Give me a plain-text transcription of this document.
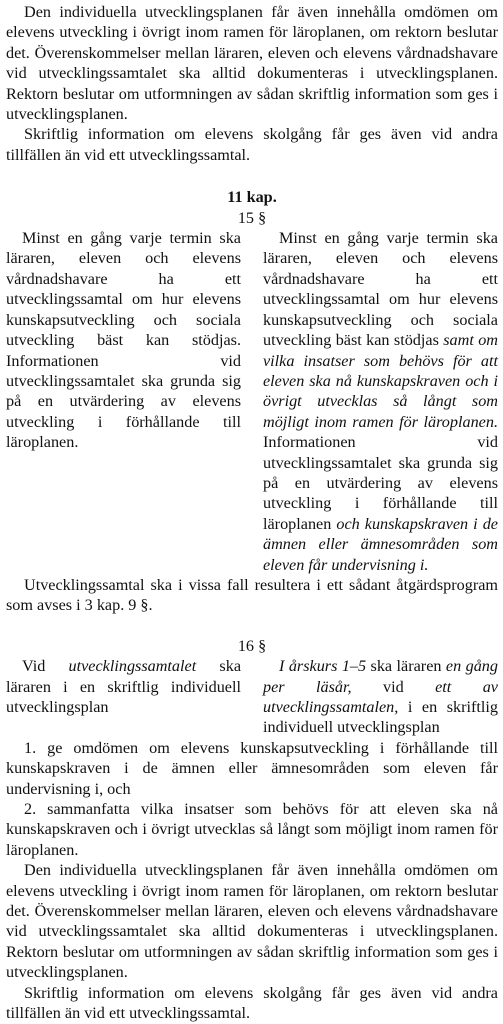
Den individuella utvecklingsplanen får även innehålla omdömen om elevens utveckling i övrigt inom ramen för läroplanen, om rektorn beslutar det. Överenskommelser mellan läraren, eleven och elevens vårdnadshavare vid utvecklingssamtalet ska alltid dokumenteras i utvecklingsplanen. Rektorn beslutar om utformningen av sådan skriftlig information som ges i utvecklingsplanen.

Skriftlig information om elevens skolgång får ges även vid andra tillfällen än vid ett utvecklingssamtal.

11 kap.

15 §

Minst en gång varje termin ska läraren, eleven och elevens vårdnadshavare ha ett utvecklingssamtal om hur elevens kunskapsutveckling och sociala utveckling bäst kan stödjas. Informationen vid utvecklingssamtalet ska grunda sig på en utvärdering av elevens utveckling i förhållande till läroplanen.

Minst en gång varje termin ska läraren, eleven och elevens vårdnadshavare ha ett utvecklingssamtal om hur elevens kunskapsutveckling och sociala utveckling bäst kan stödjas samt om vilka insatser som behövs för att eleven ska nå kunskapskraven och i övrigt utvecklas så långt som möjligt inom ramen för läroplanen. Informationen vid utvecklingssamtalet ska grunda sig på en utvärdering av elevens utveckling i förhållande till läroplanen och kunskapskraven i de ämnen eller ämnesområden som eleven får undervisning i.

Utvecklingssamtal ska i vissa fall resultera i ett sådant åtgärdsprogram som avses i 3 kap. 9 §.

16 §

Vid utvecklingssamtalet ska läraren i en skriftlig individuell utvecklingsplan

I årskurs 1–5 ska läraren en gång per läsår, vid ett av utvecklingssamtalen, i en skriftlig individuell utvecklingsplan

1. ge omdömen om elevens kunskapsutveckling i förhållande till kunskapskraven i de ämnen eller ämnesområden som eleven får undervisning i, och

2. sammanfatta vilka insatser som behövs för att eleven ska nå kunskapskraven och i övrigt utvecklas så långt som möjligt inom ramen för läroplanen.

Den individuella utvecklingsplanen får även innehålla omdömen om elevens utveckling i övrigt inom ramen för läroplanen, om rektorn beslutar det. Överenskommelser mellan läraren, eleven och elevens vårdnadshavare vid utvecklingssamtalet ska alltid dokumenteras i utvecklingsplanen. Rektorn beslutar om utformningen av sådan skriftlig information som ges i utvecklingsplanen.

Skriftlig information om elevens skolgång får ges även vid andra tillfällen än vid ett utvecklingssamtal.
